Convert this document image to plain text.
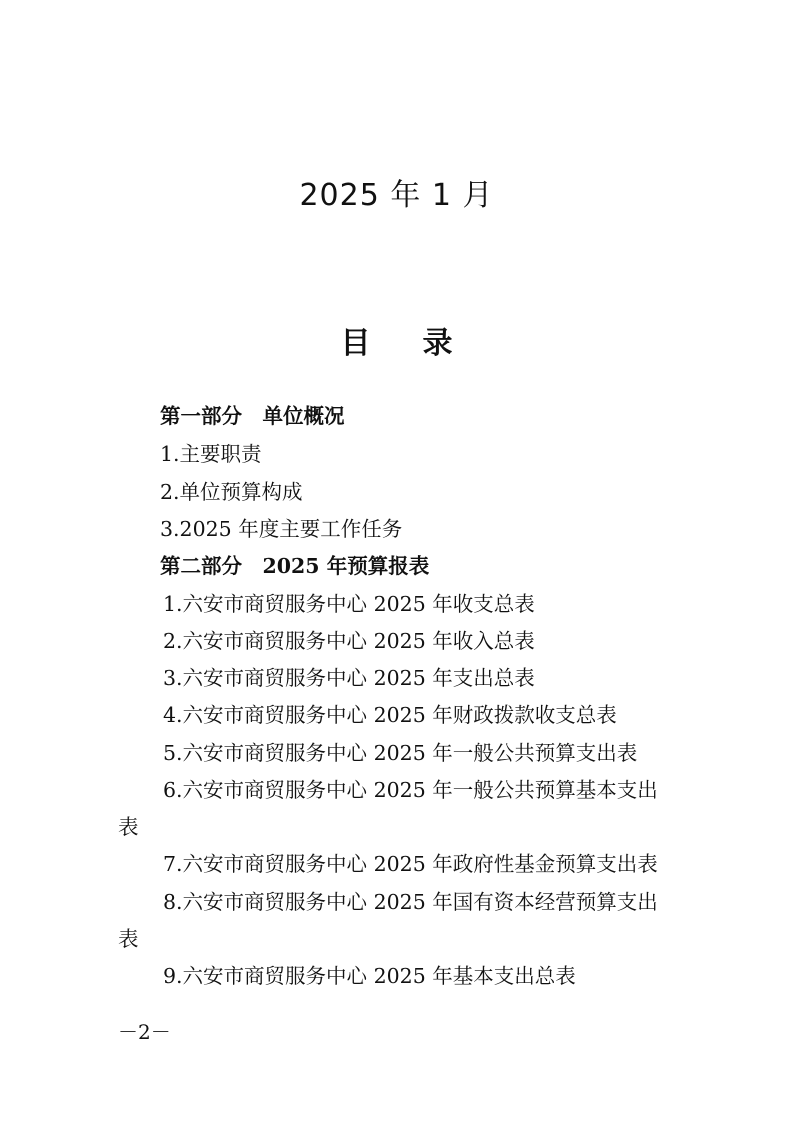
2025 年 1 月
目 录
第一部分　单位概况
1.主要职责
2.单位预算构成
3.2025 年度主要工作任务
第二部分　2025 年预算报表
1.六安市商贸服务中心 2025 年收支总表
2.六安市商贸服务中心 2025 年收入总表
3.六安市商贸服务中心 2025 年支出总表
4.六安市商贸服务中心 2025 年财政拨款收支总表
5.六安市商贸服务中心 2025 年一般公共预算支出表
6.六安市商贸服务中心 2025 年一般公共预算基本支出
表
7.六安市商贸服务中心 2025 年政府性基金预算支出表
8.六安市商贸服务中心 2025 年国有资本经营预算支出
表
9.六安市商贸服务中心 2025 年基本支出总表
－2－
